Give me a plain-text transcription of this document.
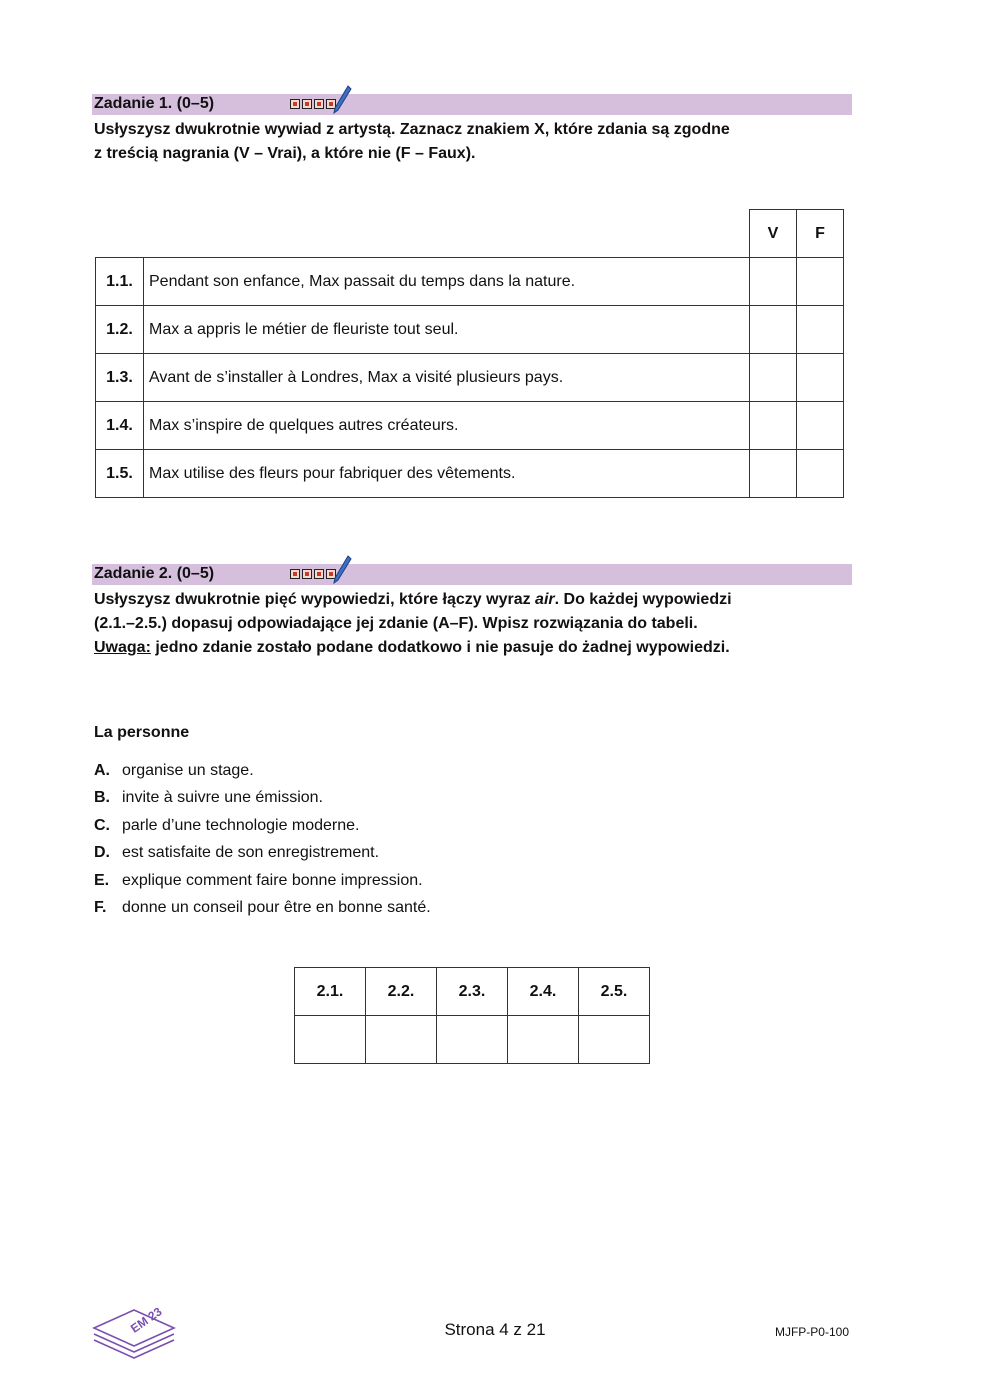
Zadanie 1. (0–5)
Usłyszysz dwukrotnie wywiad z artystą. Zaznacz znakiem X, które zdania są zgodne
z treścią nagrania (V – Vrai), a które nie (F – Faux).
		V	F
1.1.	Pendant son enfance, Max passait du temps dans la nature.		
1.2.	Max a appris le métier de fleuriste tout seul.		
1.3.	Avant de s’installer à Londres, Max a visité plusieurs pays.		
1.4.	Max s’inspire de quelques autres créateurs.		
1.5.	Max utilise des fleurs pour fabriquer des vêtements.		
Zadanie 2. (0–5)
Usłyszysz dwukrotnie pięć wypowiedzi, które łączy wyraz air. Do każdej wypowiedzi
(2.1.–2.5.) dopasuj odpowiadające jej zdanie (A–F). Wpisz rozwiązania do tabeli.
Uwaga: jedno zdanie zostało podane dodatkowo i nie pasuje do żadnej wypowiedzi.
La personne
A. organise un stage.
B. invite à suivre une émission.
C. parle d’une technologie moderne.
D. est satisfaite de son enregistrement.
E. explique comment faire bonne impression.
F. donne un conseil pour être en bonne santé.
2.1.	2.2.	2.3.	2.4.	2.5.

EM 23	Strona 4 z 21	MJFP-P0-100
